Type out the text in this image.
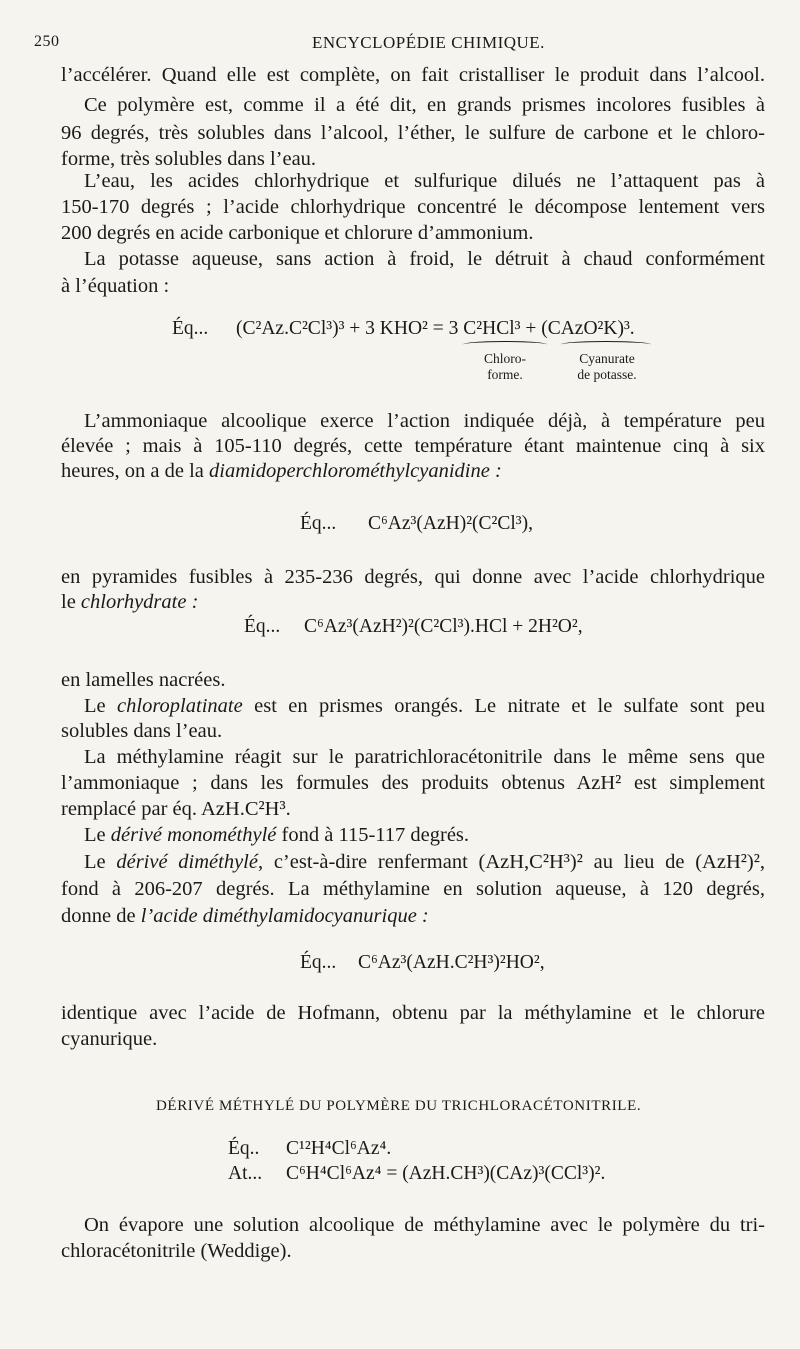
250	ENCYCLOPÉDIE CHIMIQUE.
l’accélérer. Quand elle est complète, on fait cristalliser le produit dans l’alcool.
Ce polymère est, comme il a été dit, en grands prismes incolores fusibles à
96 degrés, très solubles dans l’alcool, l’éther, le sulfure de carbone et le chloro-
forme, très solubles dans l’eau.
L’eau, les acides chlorhydrique et sulfurique dilués ne l’attaquent pas à
150-170 degrés ; l’acide chlorhydrique concentré le décompose lentement vers
200 degrés en acide carbonique et chlorure d’ammonium.
La potasse aqueuse, sans action à froid, le détruit à chaud conformément
à l’équation :
Éq... (C²Az.C²Cl³)³ + 3 KHO² = 3 C²HCl³ + (CAzO²K)³.
Chloro-
forme.
Cyanurate
de potasse.
L’ammoniaque alcoolique exerce l’action indiquée déjà, à température peu
élevée ; mais à 105-110 degrés, cette température étant maintenue cinq à six
heures, on a de la diamidoperchlorométhylcyanidine :
Éq... C⁶Az³(AzH)²(C²Cl³),
en pyramides fusibles à 235-236 degrés, qui donne avec l’acide chlorhydrique
le chlorhydrate :
Éq... C⁶Az³(AzH²)²(C²Cl³).HCl + 2H²O²,
en lamelles nacrées.
Le chloroplatinate est en prismes orangés. Le nitrate et le sulfate sont peu
solubles dans l’eau.
La méthylamine réagit sur le paratrichloracétonitrile dans le même sens que
l’ammoniaque ; dans les formules des produits obtenus AzH² est simplement
remplacé par éq. AzH.C²H³.
Le dérivé monométhylé fond à 115-117 degrés.
Le dérivé diméthylé, c’est-à-dire renfermant (AzH,C²H³)² au lieu de (AzH²)²,
fond à 206-207 degrés. La méthylamine en solution aqueuse, à 120 degrés,
donne de l’acide diméthylamidocyanurique :
Éq... C⁶Az³(AzH.C²H³)²HO²,
identique avec l’acide de Hofmann, obtenu par la méthylamine et le chlorure
cyanurique.
DÉRIVÉ MÉTHYLÉ DU POLYMÈRE DU TRICHLORACÉTONITRILE.
Éq.. C¹²H⁴Cl⁶Az⁴.
At... C⁶H⁴Cl⁶Az⁴ = (AzH.CH³)(CAz)³(CCl³)².
On évapore une solution alcoolique de méthylamine avec le polymère du tri-
chloracétonitrile (Weddige).
